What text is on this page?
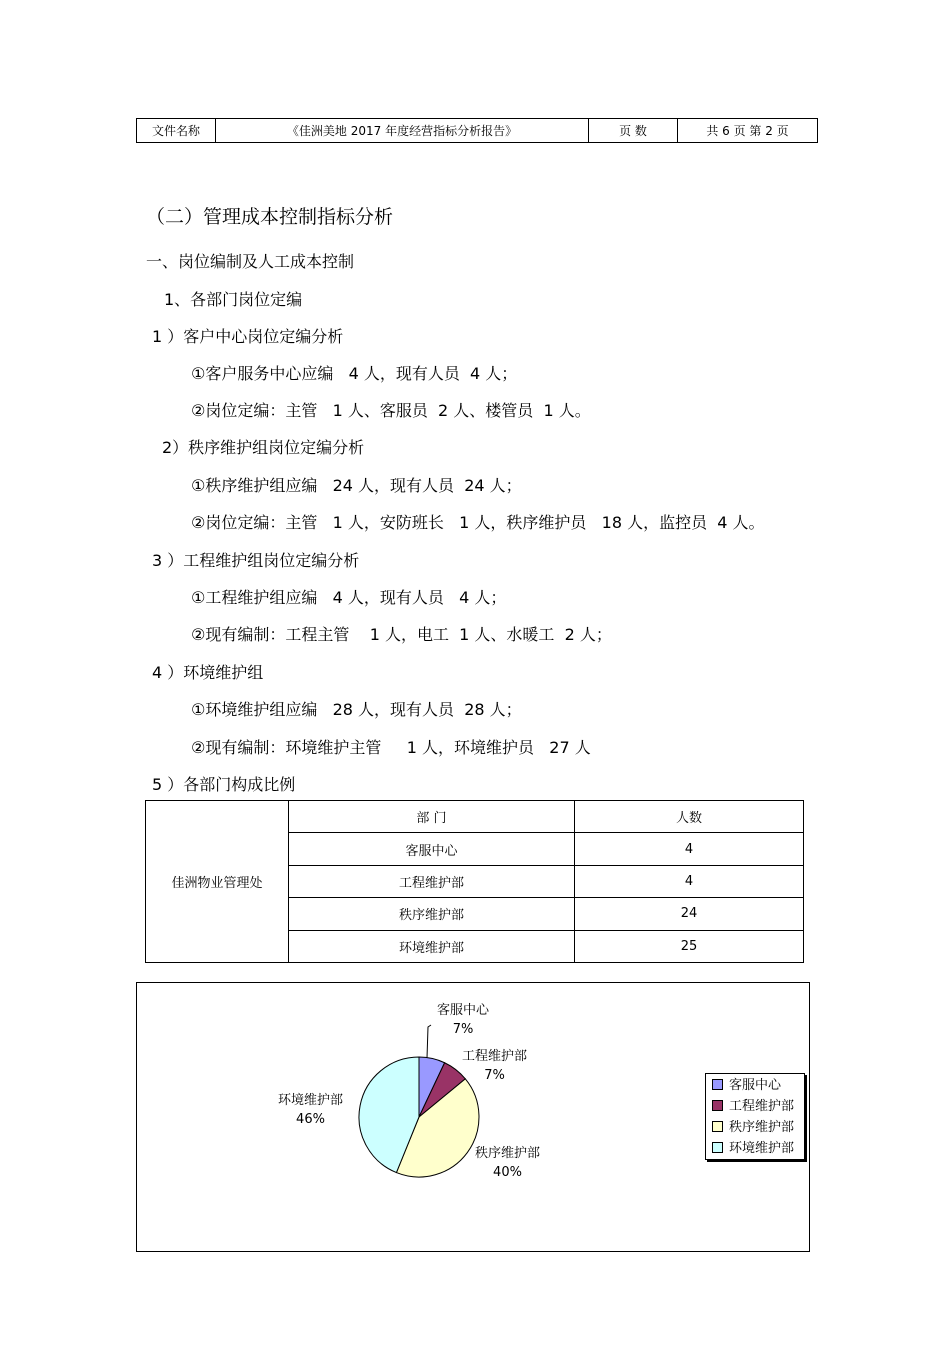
文件名称	《佳洲美地 2017 年度经营指标分析报告》	页 数	共 6 页 第 2 页
（二）管理成本控制指标分析
一、岗位编制及人工成本控制
1、各部门岗位定编
1 ）客户中心岗位定编分析
①客户服务中心应编   4 人，现有人员  4 人；
②岗位定编：主管   1 人、客服员  2 人、楼管员  1 人。
2）秩序维护组岗位定编分析
①秩序维护组应编   24 人，现有人员  24 人；
②岗位定编：主管   1 人，安防班长   1 人，秩序维护员   18 人，监控员  4 人。
3 ）工程维护组岗位定编分析
①工程维护组应编   4 人，现有人员   4 人；
②现有编制：工程主管    1 人，电工  1 人、水暖工  2 人；
4 ）环境维护组
①环境维护组应编   28 人，现有人员  28 人；
②现有编制：环境维护主管     1 人，环境维护员   27 人
5 ）各部门构成比例
佳洲物业管理处	部 门	人数
	客服中心	4
	工程维护部	4
	秩序维护部	24
	环境维护部	25
客服中心
7%
工程维护部
7%
秩序维护部
40%
环境维护部
46%
客服中心
工程维护部
秩序维护部
环境维护部
